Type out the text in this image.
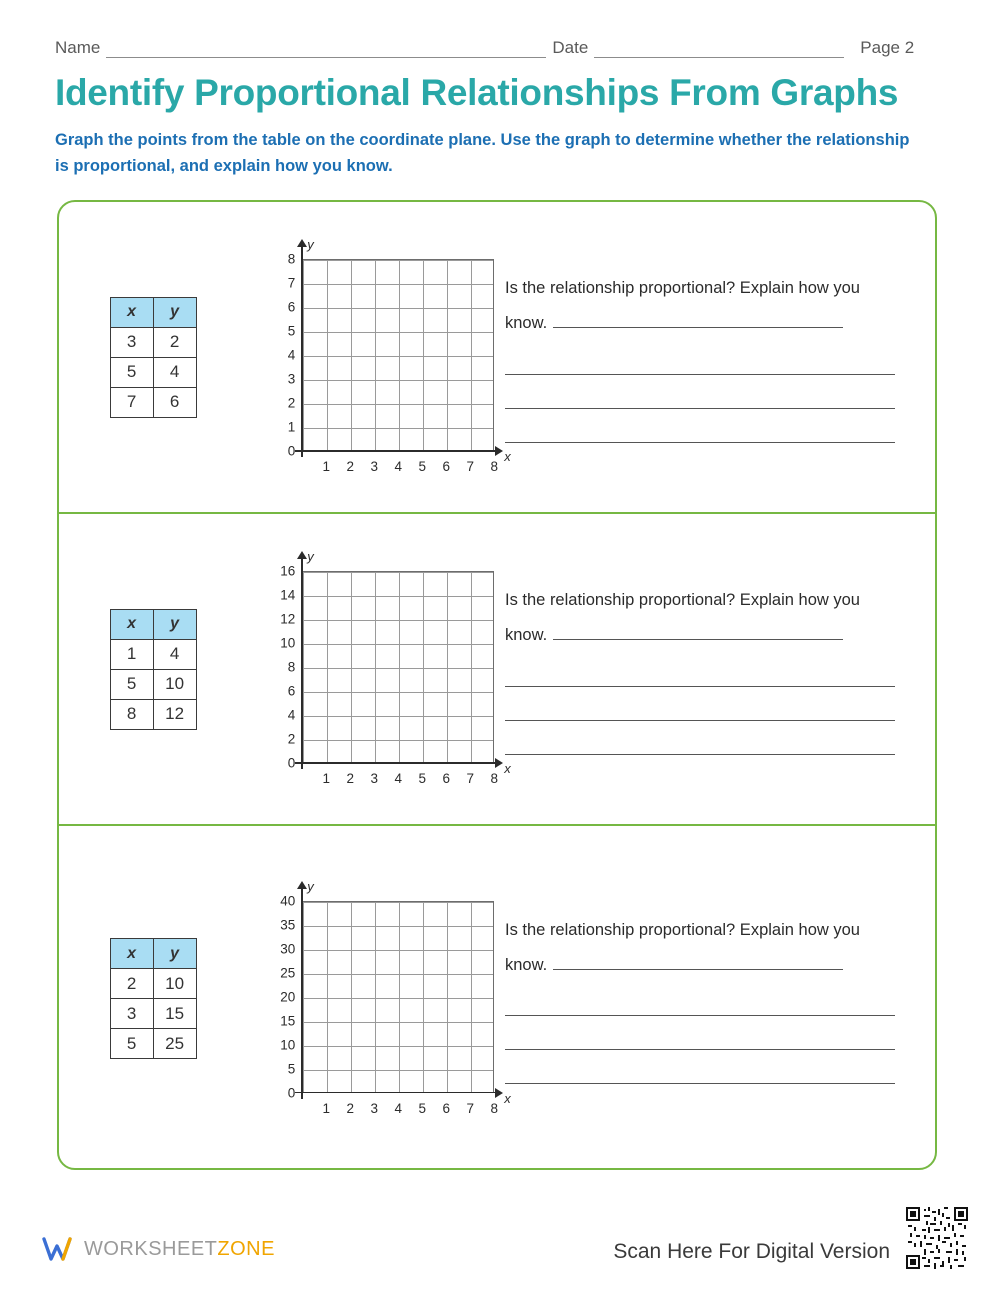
Name	Date	Page 2
Identify Proportional Relationships From Graphs
Graph the points from the table on the coordinate plane. Use the graph to determine whether the relationship is proportional, and explain how you know.
x	y
3	2
5	4
7	6
y
x
0
1
2
3
4
5
6
7
8
1 2 3 4 5 6 7 8
Is the relationship proportional? Explain how you know.
x	y
1	4
5	10
8	12
y
x
0
2
4
6
8
10
12
14
16
1 2 3 4 5 6 7 8
Is the relationship proportional? Explain how you know.
x	y
2	10
3	15
5	25
y
x
0
5
10
15
20
25
30
35
40
1 2 3 4 5 6 7 8
Is the relationship proportional? Explain how you know.
WORKSHEETZONE	Scan Here For Digital Version
